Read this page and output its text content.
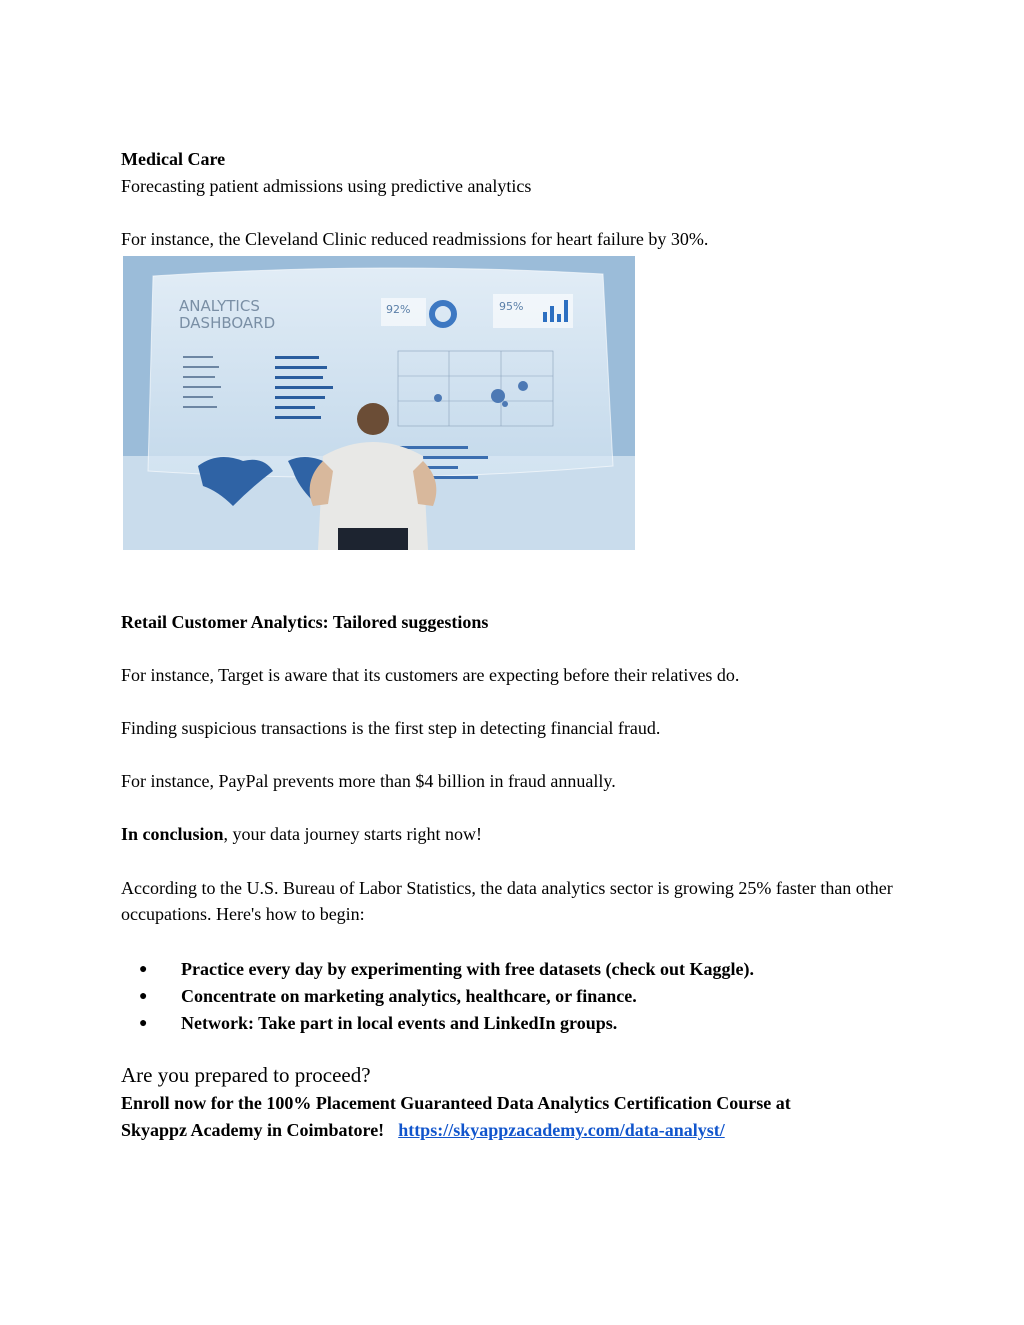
Medical Care
Forecasting patient admissions using predictive analytics
For instance, the Cleveland Clinic reduced readmissions for heart failure by 30%.
ANALYTICS
DASHBOARD
92%	95%
Retail Customer Analytics: Tailored suggestions
For instance, Target is aware that its customers are expecting before their relatives do.
Finding suspicious transactions is the first step in detecting financial fraud.
For instance, PayPal prevents more than $4 billion in fraud annually.
In conclusion, your data journey starts right now!
According to the U.S. Bureau of Labor Statistics, the data analytics sector is growing 25% faster than other occupations. Here's how to begin:
● Practice every day by experimenting with free datasets (check out Kaggle).
● Concentrate on marketing analytics, healthcare, or finance.
● Network: Take part in local events and LinkedIn groups.
Are you prepared to proceed?
Enroll now for the 100% Placement Guaranteed Data Analytics Certification Course at
Skyappz Academy in Coimbatore! https://skyappzacademy.com/data-analyst/
